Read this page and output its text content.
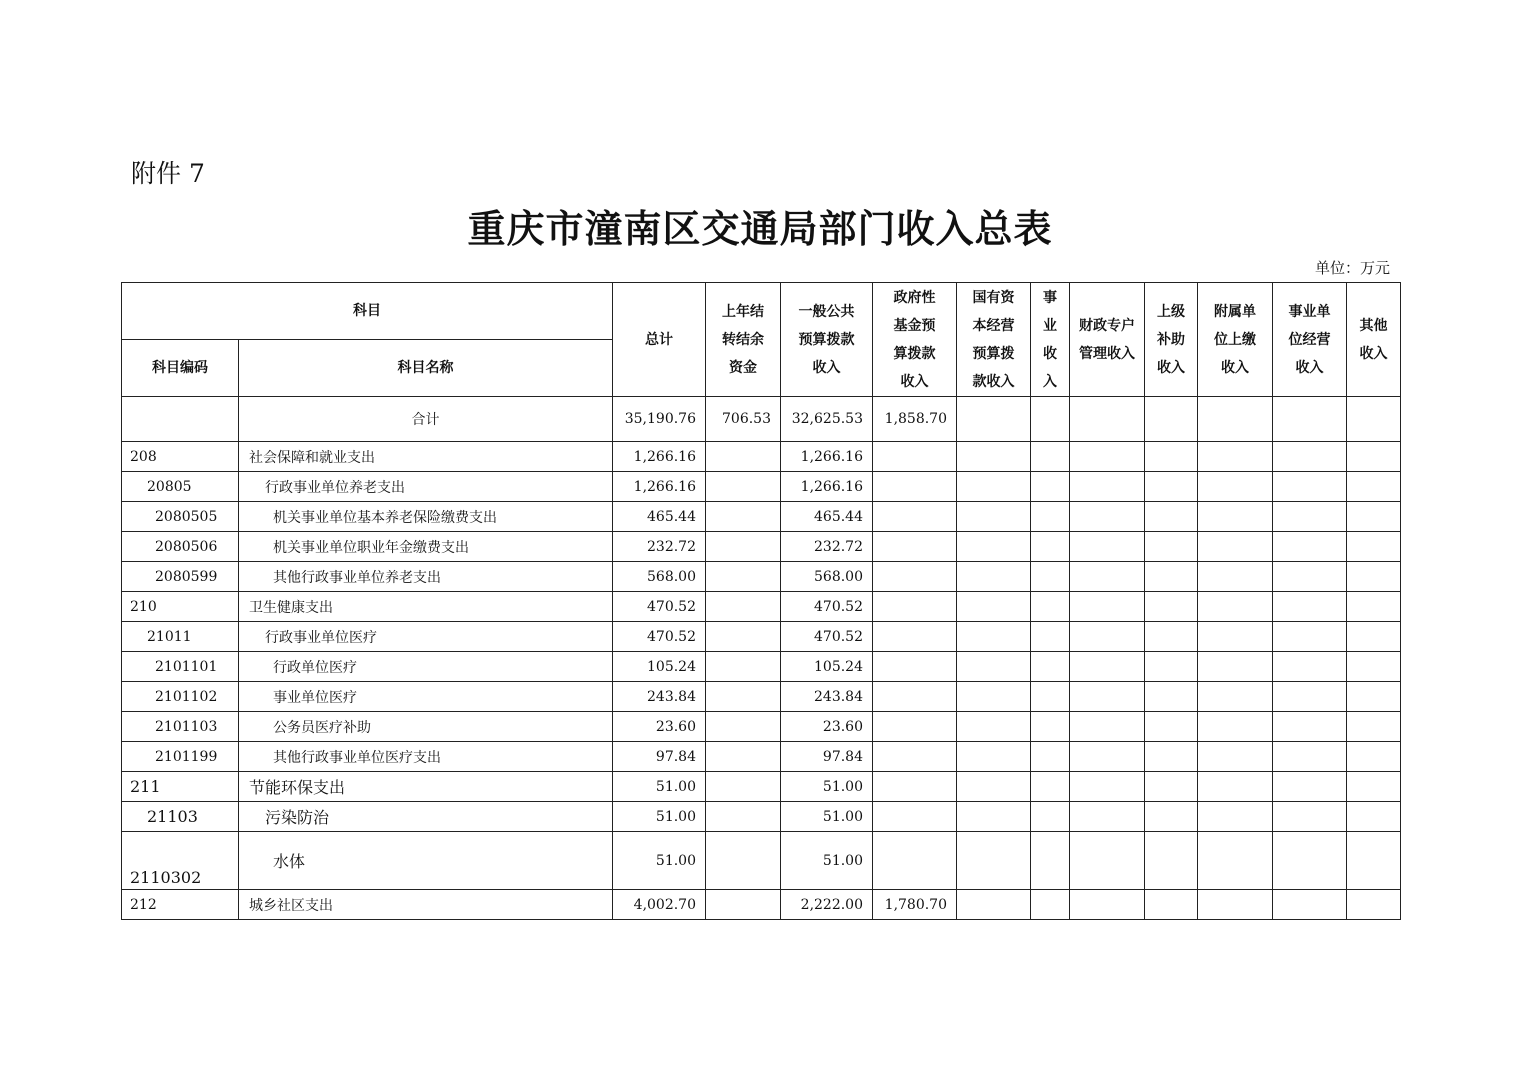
附件 7
重庆市潼南区交通局部门收入总表
单位：万元
科目		总计	上年结转结余资金	一般公共预算拨款收入	政府性基金预算拨款收入	国有资本经营预算拨款收入	事业收入	财政专户管理收入	上级补助收入	附属单位上缴收入	事业单位经营收入	其他收入

科目编码	科目名称											
	合计	35,190.76	706.53	32,625.53	1,858.70							
208	社会保障和就业支出	1,266.16		1,266.16								
20805	行政事业单位养老支出	1,266.16		1,266.16								
2080505	机关事业单位基本养老保险缴费支出	465.44		465.44								
2080506	机关事业单位职业年金缴费支出	232.72		232.72								
2080599	其他行政事业单位养老支出	568.00		568.00								
210	卫生健康支出	470.52		470.52								
21011	行政事业单位医疗	470.52		470.52								
2101101	行政单位医疗	105.24		105.24								
2101102	事业单位医疗	243.84		243.84								
2101103	公务员医疗补助	23.60		23.60								
2101199	其他行政事业单位医疗支出	97.84		97.84								
211	节能环保支出	51.00		51.00								
21103	污染防治	51.00		51.00								
2110302	水体	51.00		51.00								
212	城乡社区支出	4,002.70		2,222.00	1,780.70							
